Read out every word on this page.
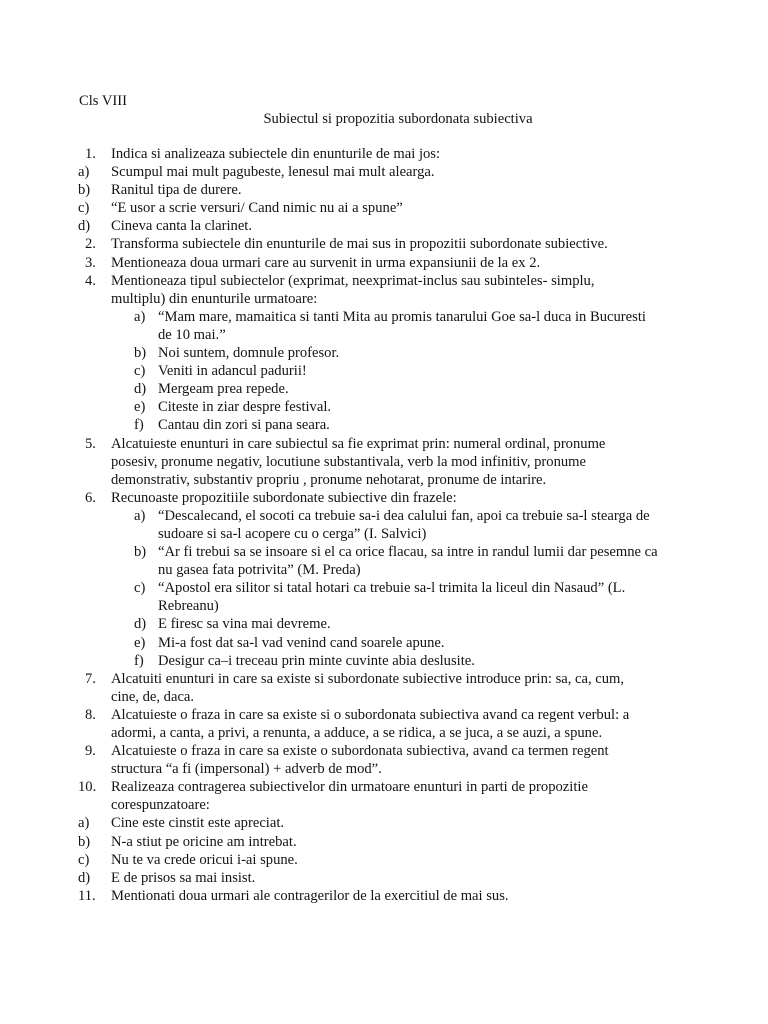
Cls VIII
Subiectul si propozitia subordonata subiectiva
1. Indica si analizeaza subiectele din enunturile de mai jos:
a) Scumpul mai mult pagubeste, lenesul mai mult alearga.
b) Ranitul tipa de durere.
c) “E usor a scrie versuri/ Cand nimic nu ai a spune”
d) Cineva canta la clarinet.
2. Transforma subiectele din enunturile de mai sus in propozitii subordonate subiective.
3. Mentioneaza doua urmari care au survenit in urma expansiunii de la ex 2.
4. Mentioneaza tipul subiectelor (exprimat, neexprimat-inclus sau subinteles- simplu,
multiplu) din enunturile urmatoare:
a) “Mam mare, mamaitica si tanti Mita au promis tanarului Goe sa-l duca in Bucuresti
de 10 mai.”
b) Noi suntem, domnule profesor.
c) Veniti in adancul padurii!
d) Mergeam prea repede.
e) Citeste in ziar despre festival.
f) Cantau din zori si pana seara.
5. Alcatuieste enunturi in care subiectul sa fie exprimat prin: numeral ordinal, pronume
posesiv, pronume negativ, locutiune substantivala, verb la mod infinitiv, pronume
demonstrativ, substantiv propriu , pronume nehotarat, pronume de intarire.
6. Recunoaste propozitiile subordonate subiective din frazele:
a) “Descalecand, el socoti ca trebuie sa-i dea calului fan, apoi ca trebuie sa-l stearga de
sudoare si sa-l acopere cu o cerga” (I. Salvici)
b) “Ar fi trebui sa se insoare si el ca orice flacau, sa intre in randul lumii dar pesemne ca
nu gasea fata potrivita” (M. Preda)
c) “Apostol era silitor si tatal hotari ca trebuie sa-l trimita la liceul din Nasaud” (L.
Rebreanu)
d) E firesc sa vina mai devreme.
e) Mi-a fost dat sa-l vad venind cand soarele apune.
f) Desigur ca–i treceau prin minte cuvinte abia deslusite.
7. Alcatuiti enunturi in care sa existe si subordonate subiective introduce prin: sa, ca, cum,
cine, de, daca.
8. Alcatuieste o fraza in care sa existe si o subordonata subiectiva avand ca regent verbul: a
adormi, a canta, a privi, a renunta, a adduce, a se ridica, a se juca, a se auzi, a spune.
9. Alcatuieste o fraza in care sa existe o subordonata subiectiva, avand ca termen regent
structura “a fi (impersonal) + adverb de mod”.
10. Realizeaza contragerea subiectivelor din urmatoare enunturi in parti de propozitie
corespunzatoare:
a) Cine este cinstit este apreciat.
b) N-a stiut pe oricine am intrebat.
c) Nu te va crede oricui i-ai spune.
d) E de prisos sa mai insist.
11. Mentionati doua urmari ale contragerilor de la exercitiul de mai sus.
